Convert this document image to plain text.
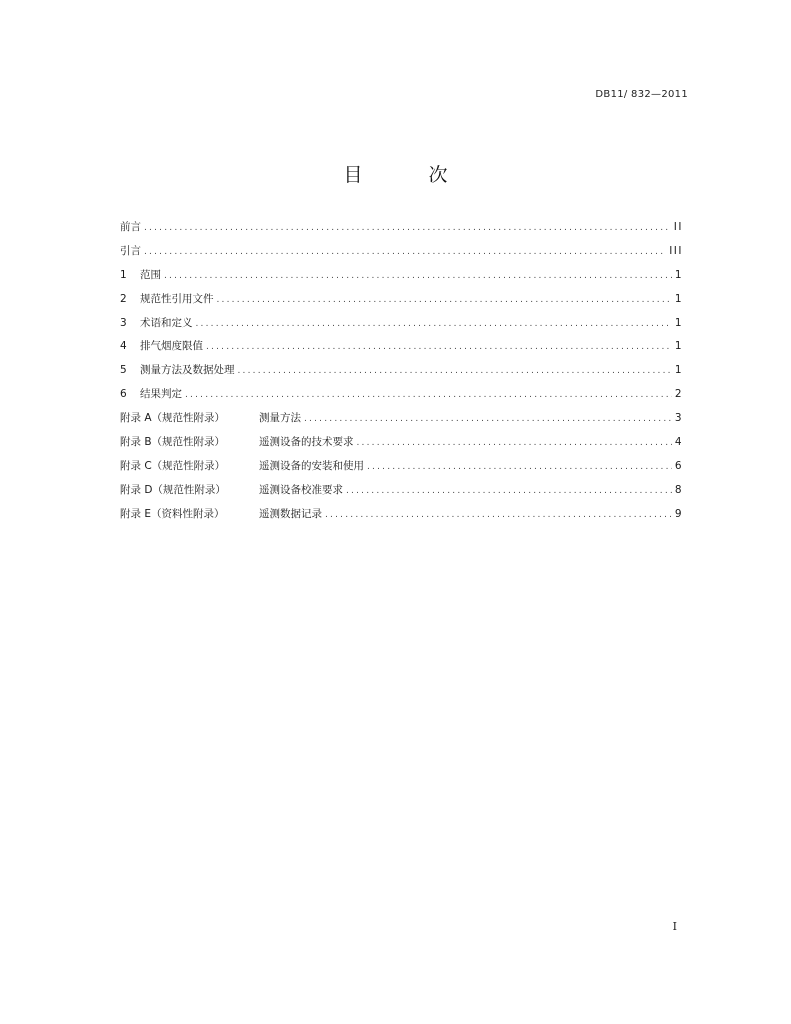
DB11/ 832—2011
目 次
前言 .....	II
引言 .....	III
1	范围 .....	1
2	规范性引用文件 .....	1
3	术语和定义 .....	1
4	排气烟度限值 .....	1
5	测量方法及数据处理 .....	1
6	结果判定 .....	2
附录 A（规范性附录）	测量方法 .....	3
附录 B（规范性附录）	遥测设备的技术要求 .....	4
附录 C（规范性附录）	遥测设备的安装和使用 .....	6
附录 D（规范性附录）	遥测设备校准要求 .....	8
附录 E（资料性附录）	遥测数据记录 .....	9
I
